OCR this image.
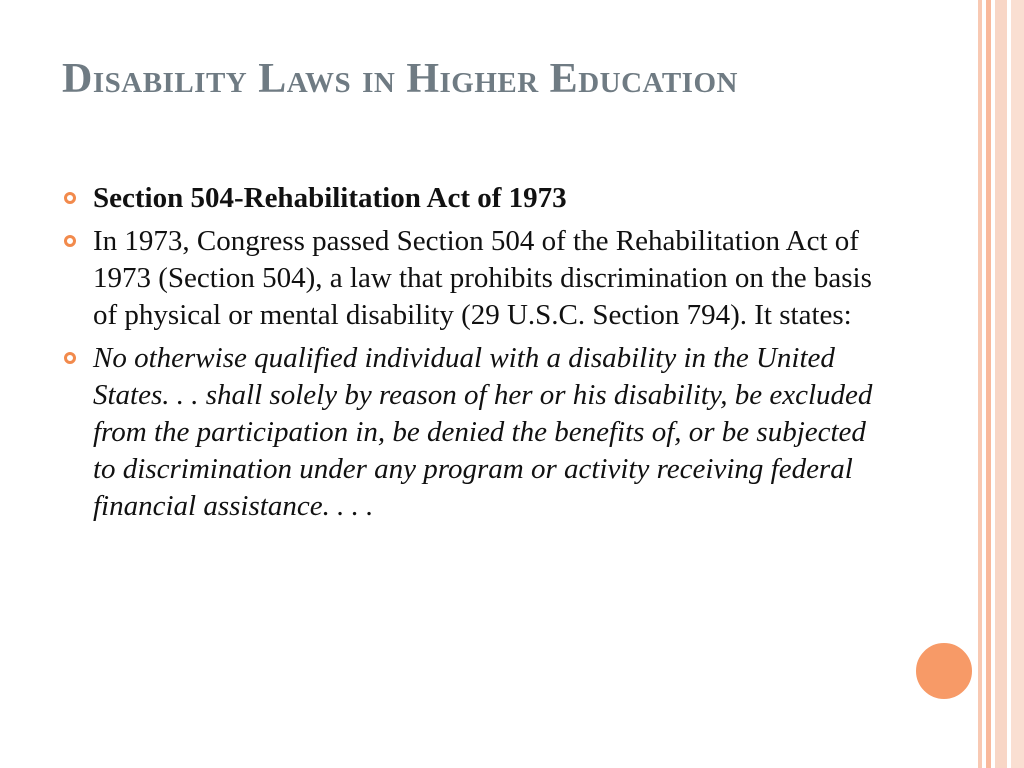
Disability Laws in Higher Education
Section 504-Rehabilitation Act of 1973
In 1973, Congress passed Section 504 of the Rehabilitation Act of 1973 (Section 504), a law that prohibits discrimination on the basis of physical or mental disability (29 U.S.C. Section 794). It states:
No otherwise qualified individual with a disability in the United States. . . shall solely by reason of her or his disability, be excluded from the participation in, be denied the benefits of, or be subjected to discrimination under any program or activity receiving federal financial assistance. . . .
